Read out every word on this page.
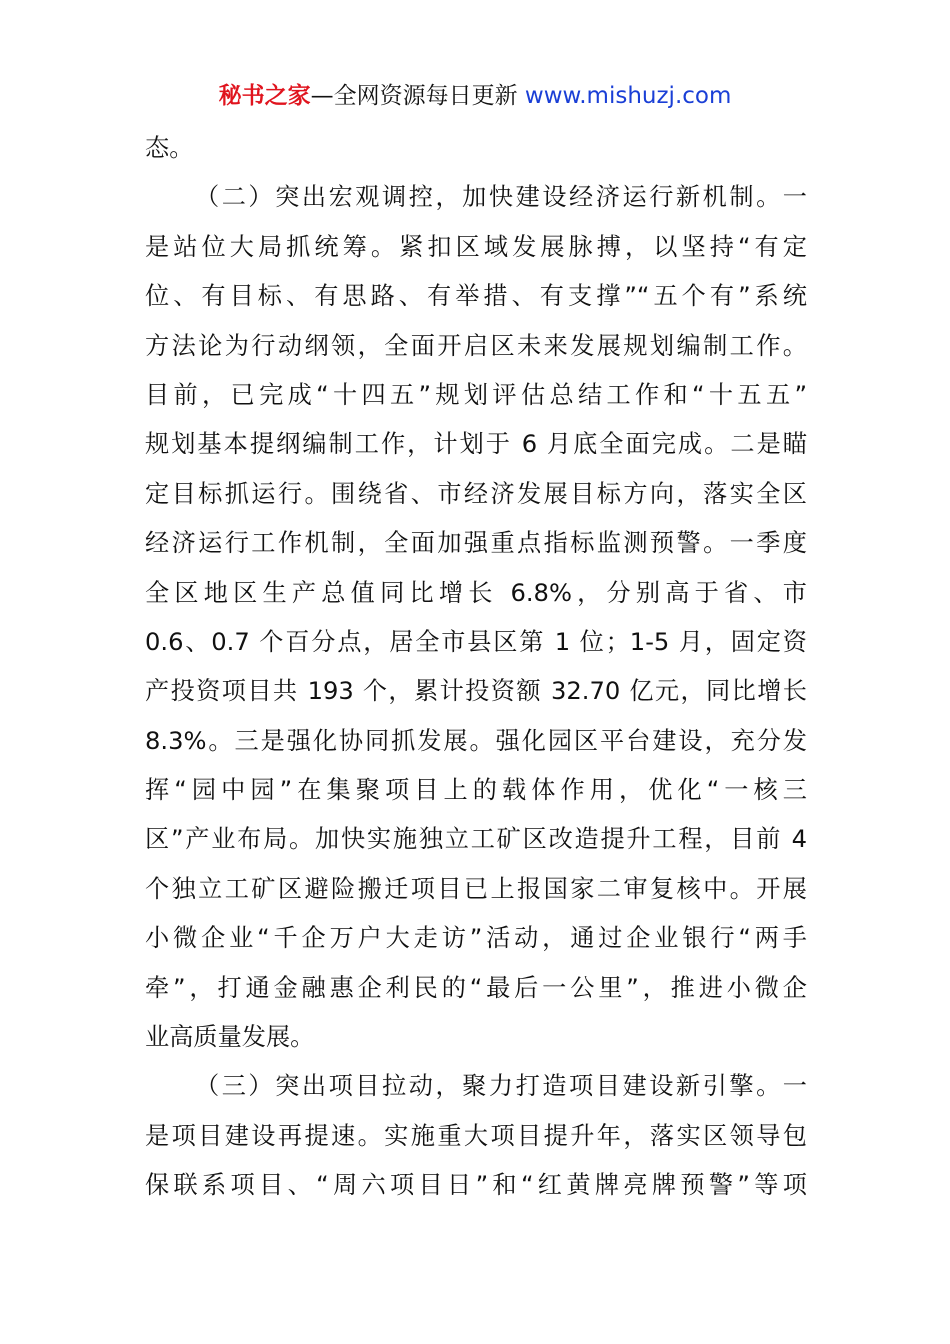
秘书之家—全网资源每日更新 www.mishuzj.com
态。
（二）突出宏观调控，加快建设经济运行新机制。一
是站位大局抓统筹。紧扣区域发展脉搏，以坚持“有定
位、有目标、有思路、有举措、有支撑”“五个有”系统
方法论为行动纲领，全面开启区未来发展规划编制工作。
目前，已完成“十四五”规划评估总结工作和“十五五”
规划基本提纲编制工作，计划于 6 月底全面完成。二是瞄
定目标抓运行。围绕省、市经济发展目标方向，落实全区
经济运行工作机制，全面加强重点指标监测预警。一季度
全区地区生产总值同比增长 6.8%，分别高于省、市
0.6、0.7 个百分点，居全市县区第 1 位；1-5 月，固定资
产投资项目共 193 个，累计投资额 32.70 亿元，同比增长
8.3%。三是强化协同抓发展。强化园区平台建设，充分发
挥“园中园”在集聚项目上的载体作用，优化“一核三
区”产业布局。加快实施独立工矿区改造提升工程，目前 4
个独立工矿区避险搬迁项目已上报国家二审复核中。开展
小微企业“千企万户大走访”活动，通过企业银行“两手
牵”，打通金融惠企利民的“最后一公里”，推进小微企
业高质量发展。
（三）突出项目拉动，聚力打造项目建设新引擎。一
是项目建设再提速。实施重大项目提升年，落实区领导包
保联系项目、“周六项目日”和“红黄牌亮牌预警”等项
